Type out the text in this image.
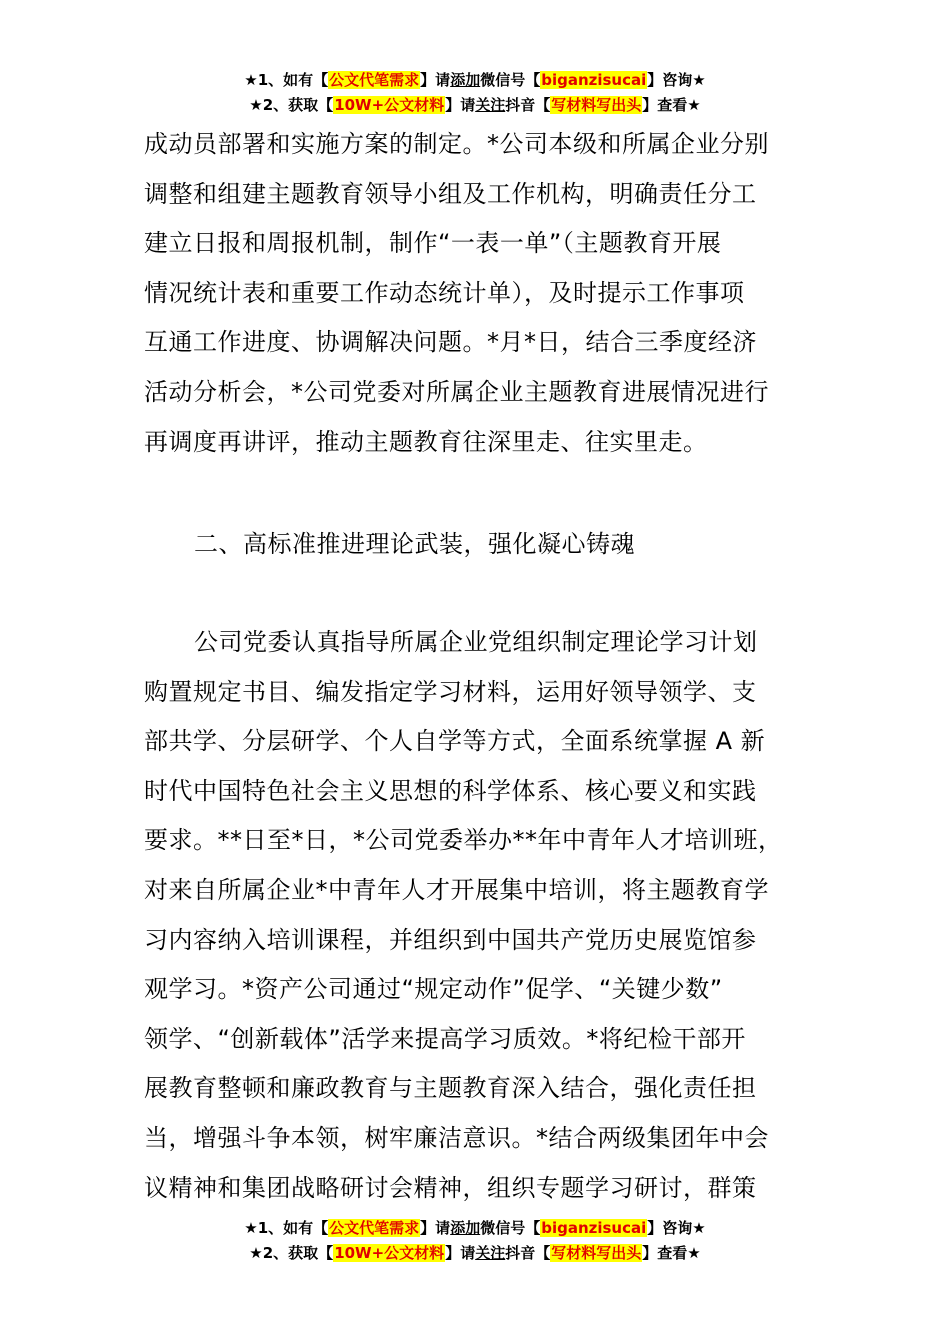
★1、如有【公文代笔需求】请添加微信号【biganzisucai】咨询★
★2、获取【10W+公文材料】请关注抖音【写材料写出头】查看★
成动员部署和实施方案的制定。*公司本级和所属企业分别
调整和组建主题教育领导小组及工作机构，明确责任分工
建立日报和周报机制，制作“一表一单”（主题教育开展
情况统计表和重要工作动态统计单），及时提示工作事项
互通工作进度、协调解决问题。*月*日，结合三季度经济
活动分析会，*公司党委对所属企业主题教育进展情况进行
再调度再讲评，推动主题教育往深里走、往实里走。
二、高标准推进理论武装，强化凝心铸魂
公司党委认真指导所属企业党组织制定理论学习计划
购置规定书目、编发指定学习材料，运用好领导领学、支
部共学、分层研学、个人自学等方式，全面系统掌握 A 新
时代中国特色社会主义思想的科学体系、核心要义和实践
要求。**日至*日，*公司党委举办**年中青年人才培训班，
对来自所属企业*中青年人才开展集中培训，将主题教育学
习内容纳入培训课程，并组织到中国共产党历史展览馆参
观学习。*资产公司通过“规定动作”促学、“关键少数”
领学、“创新载体”活学来提高学习质效。*将纪检干部开
展教育整顿和廉政教育与主题教育深入结合，强化责任担
当，增强斗争本领，树牢廉洁意识。*结合两级集团年中会
议精神和集团战略研讨会精神，组织专题学习研讨，群策
★1、如有【公文代笔需求】请添加微信号【biganzisucai】咨询★
★2、获取【10W+公文材料】请关注抖音【写材料写出头】查看★
